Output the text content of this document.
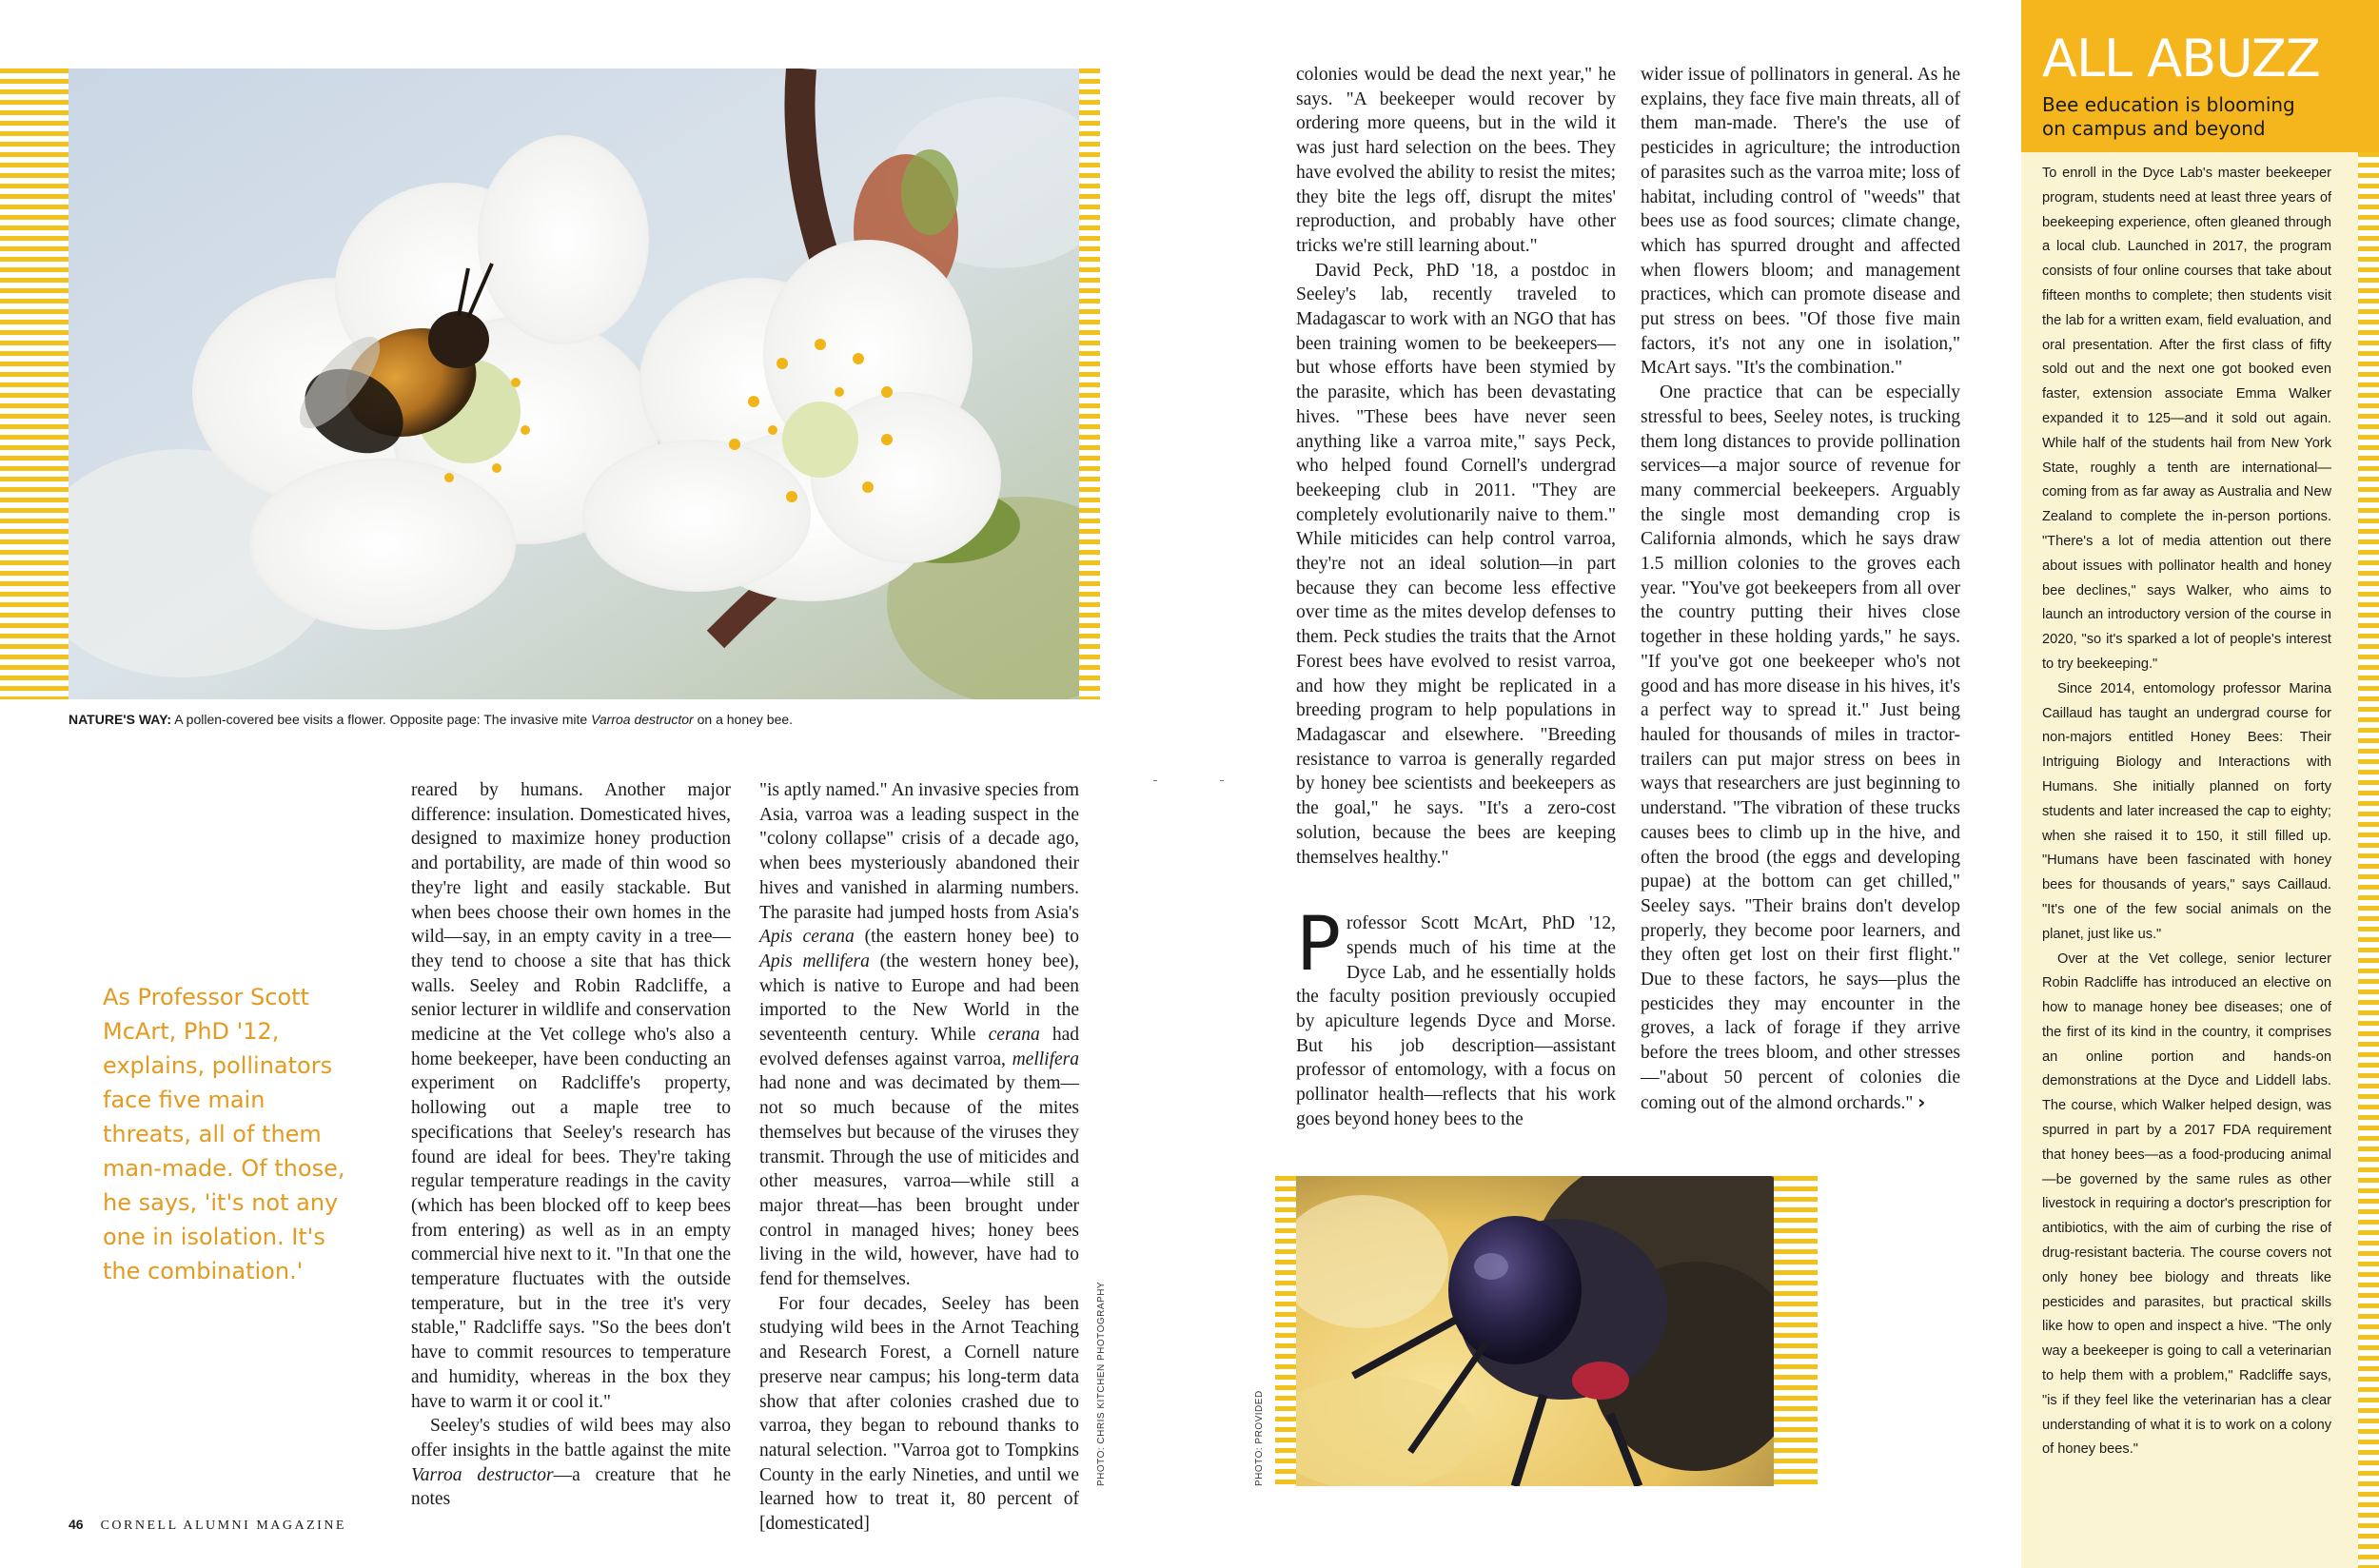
NATURE'S WAY: A pollen-covered bee visits a flower. Opposite page: The invasive mite Varroa destructor on a honey bee.
As Professor Scott McArt, PhD '12, explains, pollinators face five main threats, all of them man-made. Of those, he says, 'it's not any one in isolation. It's the combination.'

reared by humans. Another major difference: insulation. Domesticated hives, designed to maximize honey production and portability, are made of thin wood so they're light and easily stackable. But when bees choose their own homes in the wild—say, in an empty cavity in a tree—they tend to choose a site that has thick walls. Seeley and Robin Radcliffe, a senior lecturer in wildlife and conservation medicine at the Vet college who's also a home beekeeper, have been conducting an experiment on Radcliffe's property, hollowing out a maple tree to specifications that Seeley's research has found are ideal for bees. They're taking regular temperature readings in the cavity (which has been blocked off to keep bees from entering) as well as in an empty commercial hive next to it. "In that one the temperature fluctuates with the outside temperature, but in the tree it's very stable," Radcliffe says. "So the bees don't have to commit resources to temperature and humidity, whereas in the box they have to warm it or cool it."

Seeley's studies of wild bees may also offer insights in the battle against the mite Varroa destructor—a creature that he notes

"is aptly named." An invasive species from Asia, varroa was a leading suspect in the "colony collapse" crisis of a decade ago, when bees mysteriously abandoned their hives and vanished in alarming numbers. The parasite had jumped hosts from Asia's Apis cerana (the eastern honey bee) to Apis mellifera (the western honey bee), which is native to Europe and had been imported to the New World in the seventeenth century. While cerana had evolved defenses against varroa, mellifera had none and was decimated by them—not so much because of the mites themselves but because of the viruses they transmit. Through the use of miticides and other measures, varroa—while still a major threat—has been brought under control in managed hives; honey bees living in the wild, however, have had to fend for themselves.

For four decades, Seeley has been studying wild bees in the Arnot Teaching and Research Forest, a Cornell nature preserve near campus; his long-term data show that after colonies crashed due to varroa, they began to rebound thanks to natural selection. "Varroa got to Tompkins County in the early Nineties, and until we learned how to treat it, 80 percent of [domesticated]

PHOTO: CHRIS KITCHEN PHOTOGRAPHY
46 CORNELL ALUMNI MAGAZINE

colonies would be dead the next year," he says. "A beekeeper would recover by ordering more queens, but in the wild it was just hard selection on the bees. They have evolved the ability to resist the mites; they bite the legs off, disrupt the mites' reproduction, and probably have other tricks we're still learning about."

David Peck, PhD '18, a postdoc in Seeley's lab, recently traveled to Madagascar to work with an NGO that has been training women to be beekeepers—but whose efforts have been stymied by the parasite, which has been devastating hives. "These bees have never seen anything like a varroa mite," says Peck, who helped found Cornell's undergrad beekeeping club in 2011. "They are completely evolutionarily naive to them." While miticides can help control varroa, they're not an ideal solution—in part because they can become less effective over time as the mites develop defenses to them. Peck studies the traits that the Arnot Forest bees have evolved to resist varroa, and how they might be replicated in a breeding program to help populations in Madagascar and elsewhere. "Breeding resistance to varroa is generally regarded by honey bee scientists and beekeepers as the goal," he says. "It's a zero-cost solution, because the bees are keeping themselves healthy."

Professor Scott McArt, PhD '12, spends much of his time at the Dyce Lab, and he essentially holds the faculty position previously occupied by apiculture legends Dyce and Morse. But his job description—assistant professor of entomology, with a focus on pollinator health—reflects that his work goes beyond honey bees to the

wider issue of pollinators in general. As he explains, they face five main threats, all of them man-made. There's the use of pesticides in agriculture; the introduction of parasites such as the varroa mite; loss of habitat, including control of "weeds" that bees use as food sources; climate change, which has spurred drought and affected when flowers bloom; and management practices, which can promote disease and put stress on bees. "Of those five main factors, it's not any one in isolation," McArt says. "It's the combination."

One practice that can be especially stressful to bees, Seeley notes, is trucking them long distances to provide pollination services—a major source of revenue for many commercial beekeepers. Arguably the single most demanding crop is California almonds, which he says draw 1.5 million colonies to the groves each year. "You've got beekeepers from all over the country putting their hives close together in these holding yards," he says. "If you've got one beekeeper who's not good and has more disease in his hives, it's a perfect way to spread it." Just being hauled for thousands of miles in tractor-trailers can put major stress on bees in ways that researchers are just beginning to understand. "The vibration of these trucks causes bees to climb up in the hive, and often the brood (the eggs and developing pupae) at the bottom can get chilled," Seeley says. "Their brains don't develop properly, they become poor learners, and they often get lost on their first flight." Due to these factors, he says—plus the pesticides they may encounter in the groves, a lack of forage if they arrive before the trees bloom, and other stresses—"about 50 percent of colonies die coming out of the almond orchards." ›

PHOTO: PROVIDED
ALL ABUZZ
Bee education is blooming on campus and beyond

To enroll in the Dyce Lab's master beekeeper program, students need at least three years of beekeeping experience, often gleaned through a local club. Launched in 2017, the program consists of four online courses that take about fifteen months to complete; then students visit the lab for a written exam, field evaluation, and oral presentation. After the first class of fifty sold out and the next one got booked even faster, extension associate Emma Walker expanded it to 125—and it sold out again. While half of the students hail from New York State, roughly a tenth are international—coming from as far away as Australia and New Zealand to complete the in-person portions. "There's a lot of media attention out there about issues with pollinator health and honey bee declines," says Walker, who aims to launch an introductory version of the course in 2020, "so it's sparked a lot of people's interest to try beekeeping."

Since 2014, entomology professor Marina Caillaud has taught an undergrad course for non-majors entitled Honey Bees: Their Intriguing Biology and Interactions with Humans. She initially planned on forty students and later increased the cap to eighty; when she raised it to 150, it still filled up. "Humans have been fascinated with honey bees for thousands of years," says Caillaud. "It's one of the few social animals on the planet, just like us."

Over at the Vet college, senior lecturer Robin Radcliffe has introduced an elective on how to manage honey bee diseases; one of the first of its kind in the country, it comprises an online portion and hands-on demonstrations at the Dyce and Liddell labs. The course, which Walker helped design, was spurred in part by a 2017 FDA requirement that honey bees—as a food-producing animal—be governed by the same rules as other livestock in requiring a doctor's prescription for antibiotics, with the aim of curbing the rise of drug-resistant bacteria. The course covers not only honey bee biology and threats like pesticides and parasites, but practical skills like how to open and inspect a hive. "The only way a beekeeper is going to call a veterinarian to help them with a problem," Radcliffe says, "is if they feel like the veterinarian has a clear understanding of what it is to work on a colony of honey bees."
